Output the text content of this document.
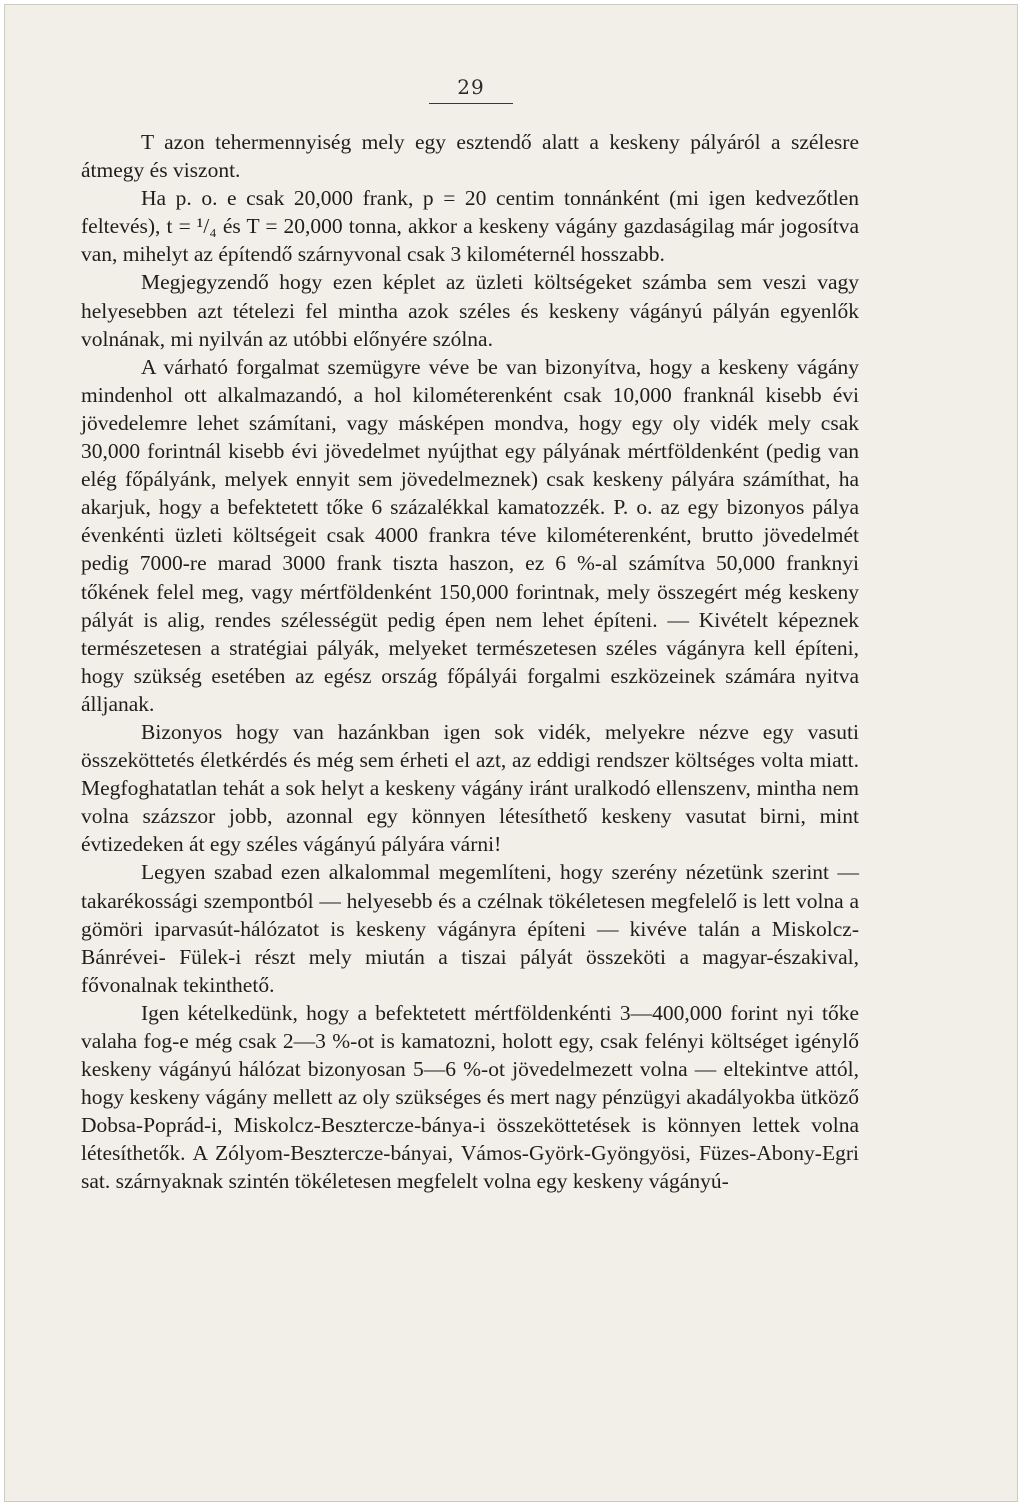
29

T azon tehermennyiség mely egy esztendő alatt a keskeny pályáról a szélesre átmegy és viszont.

Ha p. o. e csak 20,000 frank, p = 20 centim tonnánként (mi igen kedvezőtlen feltevés), t = ¹/₄ és T = 20,000 tonna, akkor a keskeny vágány gazdaságilag már jogosítva van, mihelyt az építendő szárnyvonal csak 3 kilométernél hosszabb.

Megjegyzendő hogy ezen képlet az üzleti költségeket számba sem veszi vagy helyesebben azt tételezi fel mintha azok széles és keskeny vágányú pályán egyenlők volnának, mi nyilván az utóbbi előnyére szólna.

A várható forgalmat szemügyre véve be van bizonyítva, hogy a keskeny vágány mindenhol ott alkalmazandó, a hol kilométerenként csak 10,000 franknál kisebb évi jövedelemre lehet számítani, vagy másképen mondva, hogy egy oly vidék mely csak 30,000 forintnál kisebb évi jövedelmet nyújthat egy pályának mértföldenként (pedig van elég főpályánk, melyek ennyit sem jövedelmeznek) csak keskeny pályára számíthat, ha akarjuk, hogy a befektetett tőke 6 százalékkal kamatozzék. P. o. az egy bizonyos pálya évenkénti üzleti költségeit csak 4000 frankra téve kilométerenként, brutto jövedelmét pedig 7000-re marad 3000 frank tiszta haszon, ez 6 %-al számítva 50,000 franknyi tőkének felel meg, vagy mértföldenként 150,000 forintnak, mely összegért még keskeny pályát is alig, rendes szélességüt pedig épen nem lehet építeni. — Kivételt képeznek természetesen a stratégiai pályák, melyeket természetesen széles vágányra kell építeni, hogy szükség esetében az egész ország főpályái forgalmi eszközeinek számára nyitva álljanak.

Bizonyos hogy van hazánkban igen sok vidék, melyekre nézve egy vasuti összeköttetés életkérdés és még sem érheti el azt, az eddigi rendszer költséges volta miatt. Megfoghatatlan tehát a sok helyt a keskeny vágány iránt uralkodó ellenszenv, mintha nem volna százszor jobb, azonnal egy könnyen létesíthető keskeny vasutat birni, mint évtizedeken át egy széles vágányú pályára várni!

Legyen szabad ezen alkalommal megemlíteni, hogy szerény nézetünk szerint — takarékossági szempontból — helyesebb és a czélnak tökéletesen megfelelő is lett volna a gömöri iparvasút-hálózatot is keskeny vágányra építeni — kivéve talán a Miskolcz-Bánrévei- Fülek-i részt mely miután a tiszai pályát összeköti a magyar-északival, fővonalnak tekinthető.

Igen kételkedünk, hogy a befektetett mértföldenkénti 3—400,000 forint nyi tőke valaha fog-e még csak 2—3 %-ot is kamatozni, holott egy, csak felényi költséget igénylő keskeny vágányú hálózat bizonyosan 5—6 %-ot jövedelmezett volna — eltekintve attól, hogy keskeny vágány mellett az oly szükséges és mert nagy pénzügyi akadályokba ütköző Dobsa-Poprád-i, Miskolcz-Besztercze-bánya-i összeköttetések is könnyen lettek volna létesíthetők. A Zólyom-Besztercze-bányai, Vámos-Györk-Gyöngyösi, Füzes-Abony-Egri sat. szárnyaknak szintén tökéletesen megfelelt volna egy keskeny vágányú-
